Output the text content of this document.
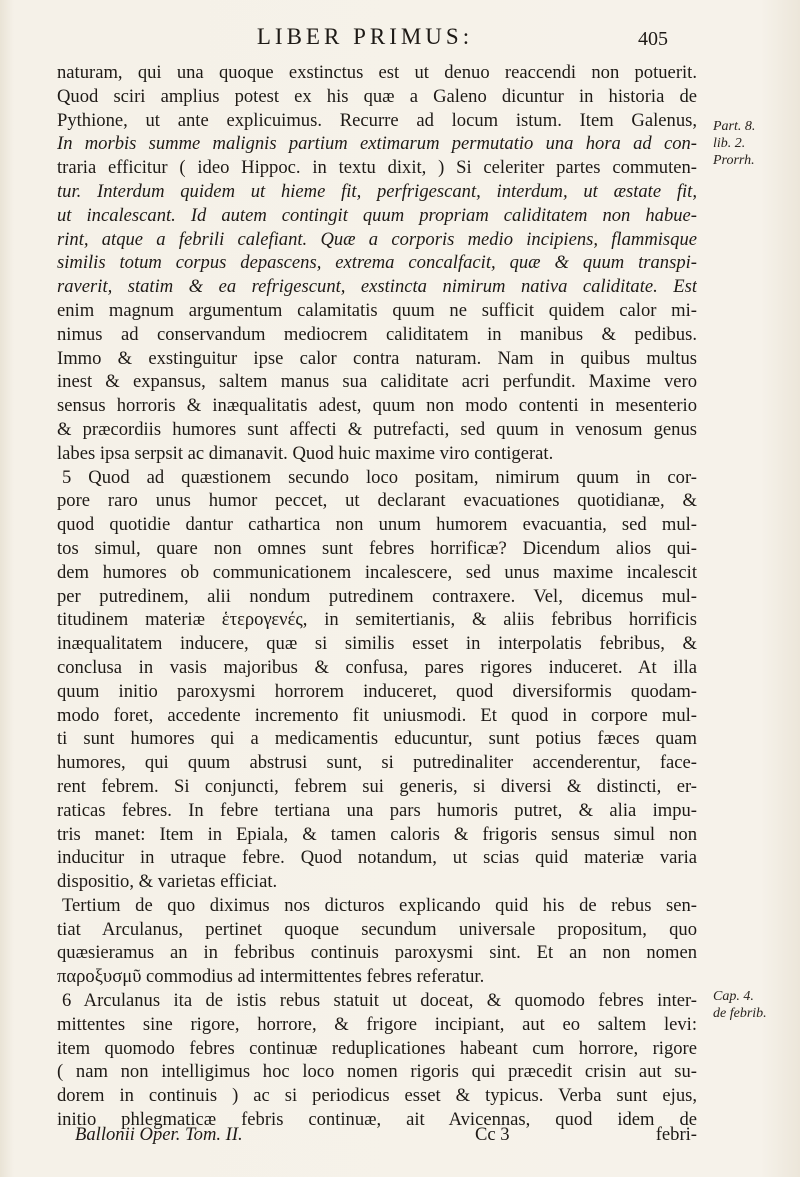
LIBER PRIMUS:	405
naturam, qui una quoque exstinctus est ut denuo reaccendi non potuerit.
Quod sciri amplius potest ex his quæ a Galeno dicuntur in historia de
Pythione, ut ante explicuimus. Recurre ad locum istum. Item Galenus,
In morbis summe malignis partium extimarum permutatio una hora ad con-
traria efficitur ( ideo Hippoc. in textu dixit, ) Si celeriter partes commuten-
tur. Interdum quidem ut hieme fit, perfrigescant, interdum, ut æstate fit,
ut incalescant. Id autem contingit quum propriam caliditatem non habue-
rint, atque a febrili calefiant. Quæ a corporis medio incipiens, flammisque
similis totum corpus depascens, extrema concalfacit, quæ & quum transpi-
raverit, statim & ea refrigescunt, exstincta nimirum nativa caliditate. Est
enim magnum argumentum calamitatis quum ne sufficit quidem calor mi-
nimus ad conservandum mediocrem caliditatem in manibus & pedibus.
Immo & exstinguitur ipse calor contra naturam. Nam in quibus multus
inest & expansus, saltem manus sua caliditate acri perfundit. Maxime vero
sensus horroris & inæqualitatis adest, quum non modo contenti in mesenterio
& præcordiis humores sunt affecti & putrefacti, sed quum in venosum genus
labes ipsa serpsit ac dimanavit. Quod huic maxime viro contigerat.
5 Quod ad quæstionem secundo loco positam, nimirum quum in cor-
pore raro unus humor peccet, ut declarant evacuationes quotidianæ, &
quod quotidie dantur cathartica non unum humorem evacuantia, sed mul-
tos simul, quare non omnes sunt febres horrificæ? Dicendum alios qui-
dem humores ob communicationem incalescere, sed unus maxime incalescit
per putredinem, alii nondum putredinem contraxere. Vel, dicemus mul-
titudinem materiæ ἑτερογενές, in semitertianis, & aliis febribus horrificis
inæqualitatem inducere, quæ si similis esset in interpolatis febribus, &
conclusa in vasis majoribus & confusa, pares rigores induceret. At illa
quum initio paroxysmi horrorem induceret, quod diversiformis quodam-
modo foret, accedente incremento fit uniusmodi. Et quod in corpore mul-
ti sunt humores qui a medicamentis educuntur, sunt potius fæces quam
humores, qui quum abstrusi sunt, si putredinaliter accenderentur, face-
rent febrem. Si conjuncti, febrem sui generis, si diversi & distincti, er-
raticas febres. In febre tertiana una pars humoris putret, & alia impu-
tris manet: Item in Epiala, & tamen caloris & frigoris sensus simul non
inducitur in utraque febre. Quod notandum, ut scias quid materiæ varia
dispositio, & varietas efficiat.
Tertium de quo diximus nos dicturos explicando quid his de rebus sen-
tiat Arculanus, pertinet quoque secundum universale propositum, quo
quæsieramus an in febribus continuis paroxysmi sint. Et an non nomen
παροξυσμῦ commodius ad intermittentes febres referatur.
6 Arculanus ita de istis rebus statuit ut doceat, & quomodo febres inter-
mittentes sine rigore, horrore, & frigore incipiant, aut eo saltem levi:
item quomodo febres continuæ reduplicationes habeant cum horrore, rigore
( nam non intelligimus hoc loco nomen rigoris qui præcedit crisin aut su-
dorem in continuis ) ac si periodicus esset & typicus. Verba sunt ejus,
initio phlegmaticæ febris continuæ, ait Avicennas, quod idem de
Part. 8.
lib. 2.
Prorrh.
Cap. 4.
de febrib.
Ballonii Oper. Tom. II.	Cc 3	febri-
